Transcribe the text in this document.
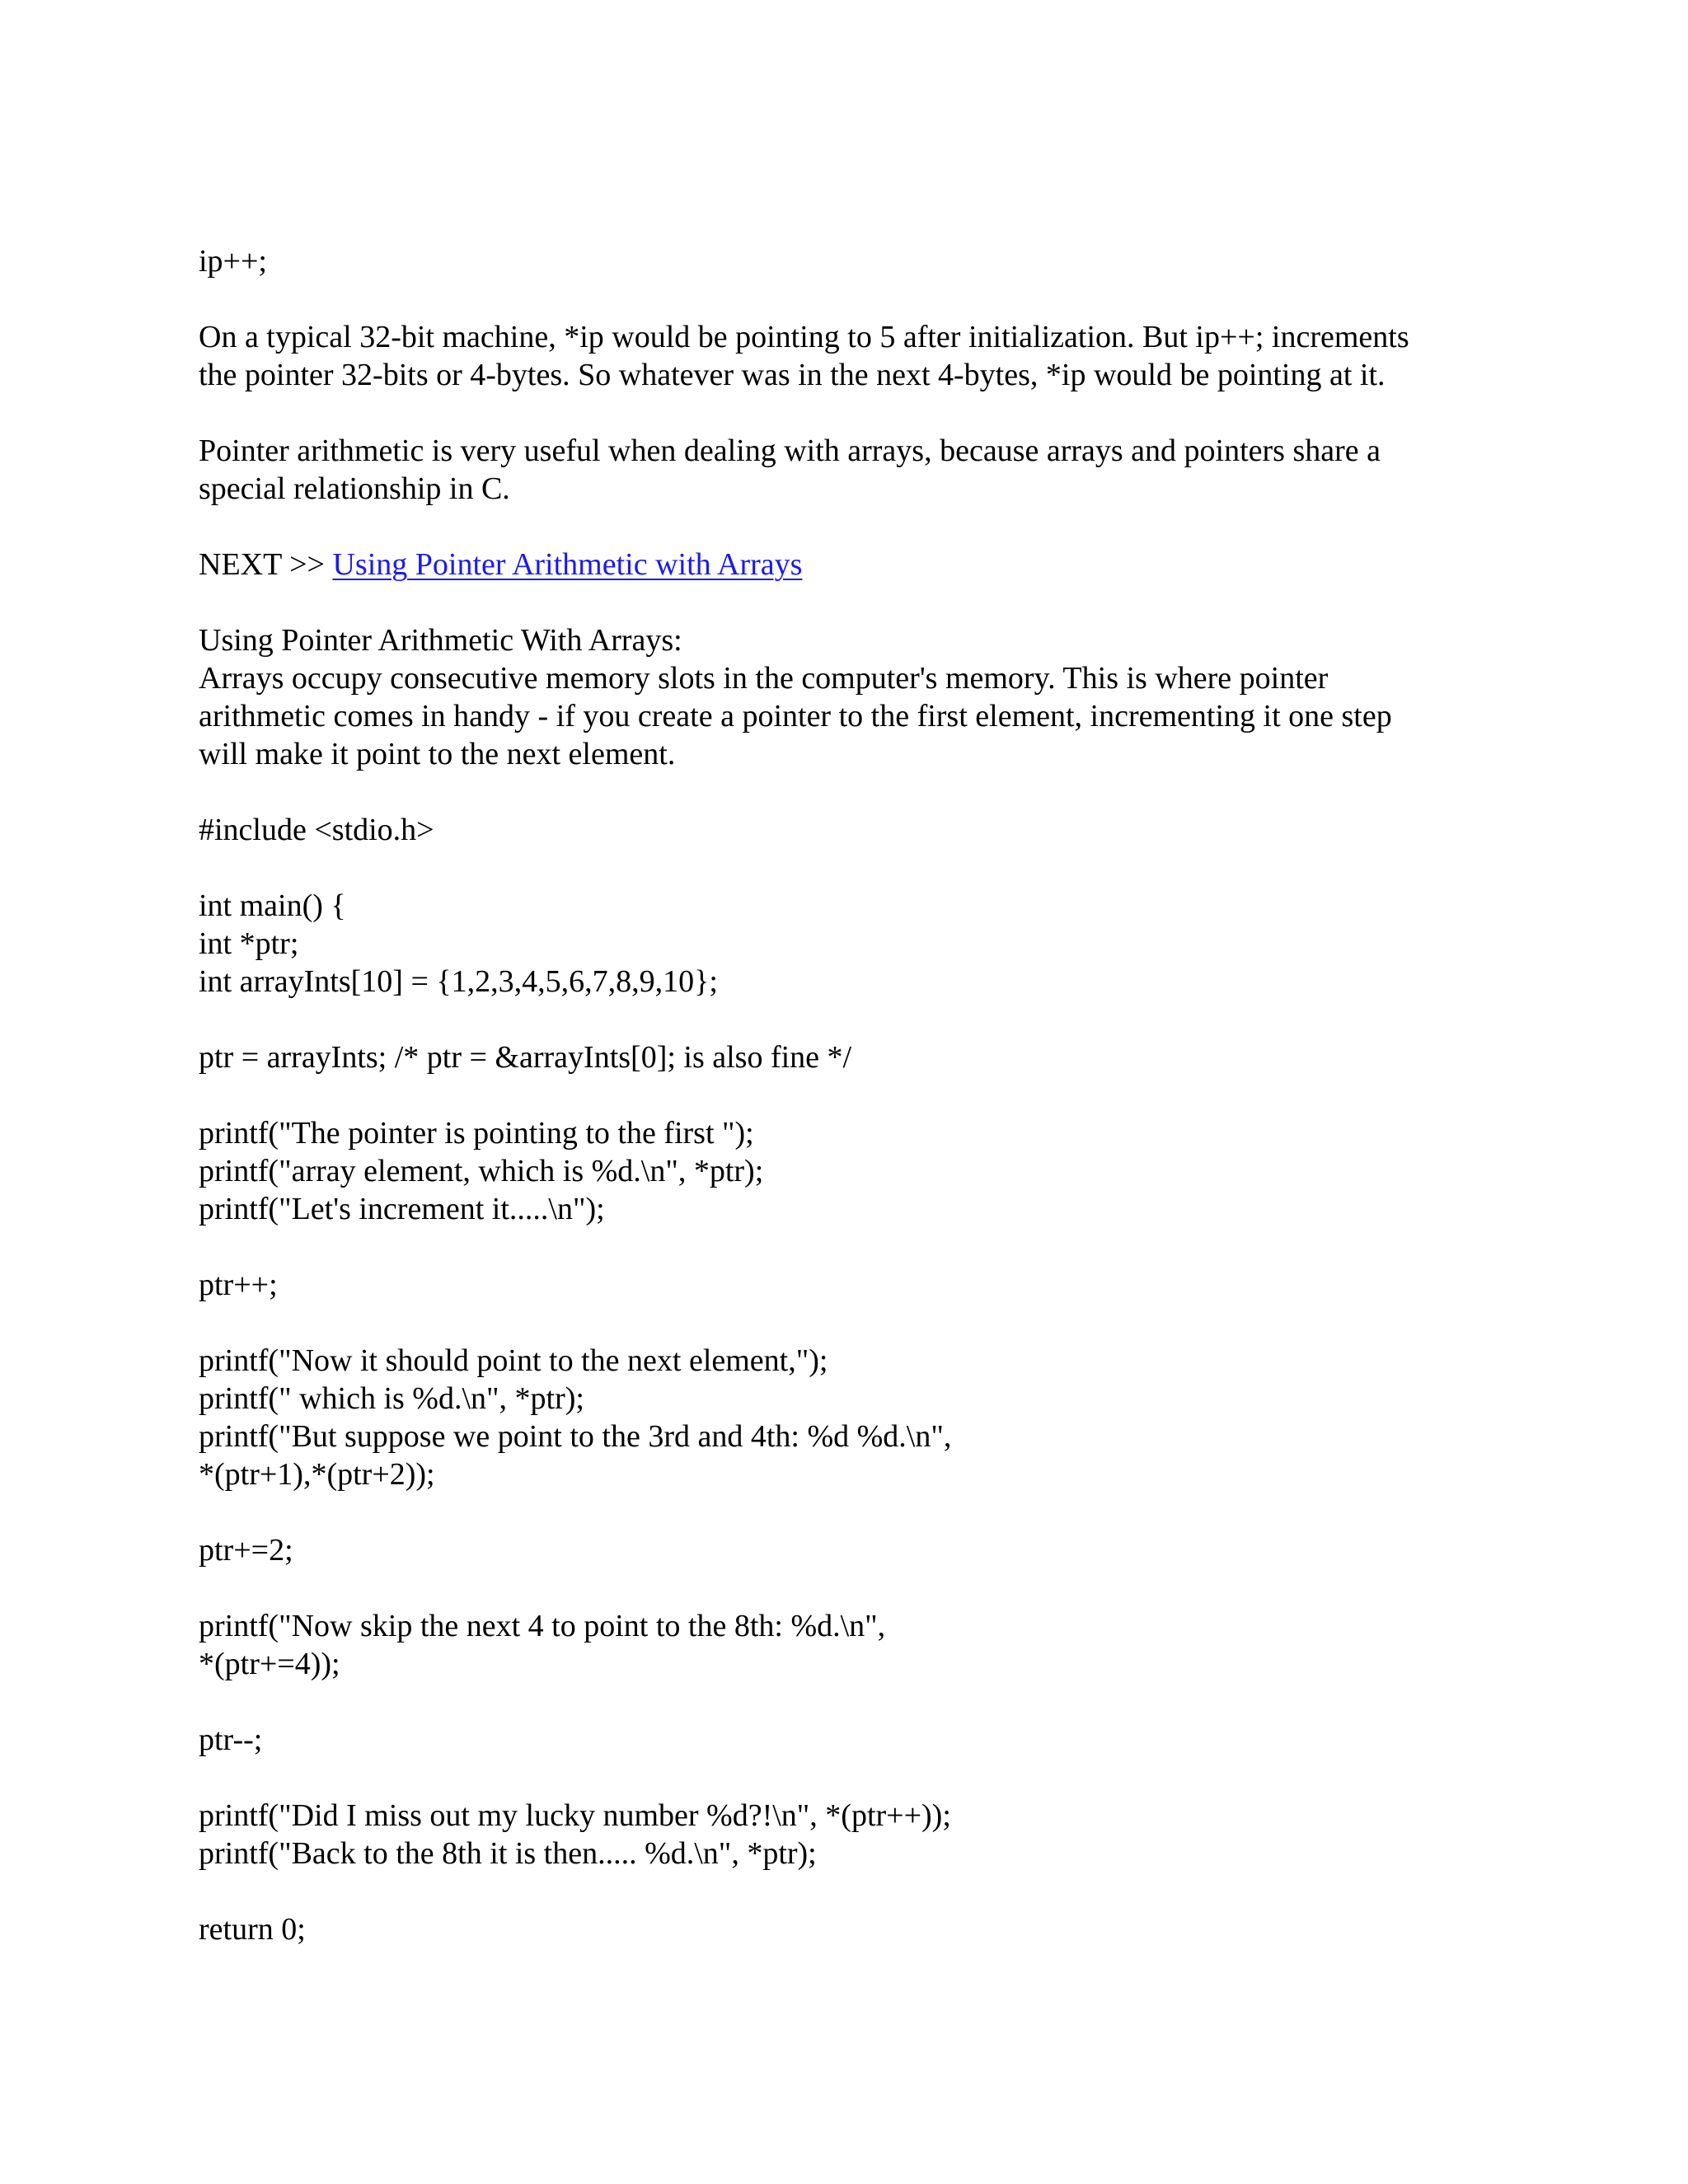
ip++;

On a typical 32-bit machine, *ip would be pointing to 5 after initialization. But ip++; increments

the pointer 32-bits or 4-bytes. So whatever was in the next 4-bytes, *ip would be pointing at it.

Pointer arithmetic is very useful when dealing with arrays, because arrays and pointers share a

special relationship in C.

NEXT >> Using Pointer Arithmetic with Arrays

Using Pointer Arithmetic With Arrays:

Arrays occupy consecutive memory slots in the computer's memory. This is where pointer

arithmetic comes in handy - if you create a pointer to the first element, incrementing it one step

will make it point to the next element.

#include <stdio.h>

int main() {

int *ptr;

int arrayInts[10] = {1,2,3,4,5,6,7,8,9,10};

ptr = arrayInts; /* ptr = &arrayInts[0]; is also fine */

printf("The pointer is pointing to the first ");

printf("array element, which is %d.\n", *ptr);

printf("Let's increment it.....\n");

ptr++;

printf("Now it should point to the next element,");

printf(" which is %d.\n", *ptr);

printf("But suppose we point to the 3rd and 4th: %d %d.\n",

*(ptr+1),*(ptr+2));

ptr+=2;

printf("Now skip the next 4 to point to the 8th: %d.\n",

*(ptr+=4));

ptr--;

printf("Did I miss out my lucky number %d?!\n", *(ptr++));

printf("Back to the 8th it is then..... %d.\n", *ptr);

return 0;
